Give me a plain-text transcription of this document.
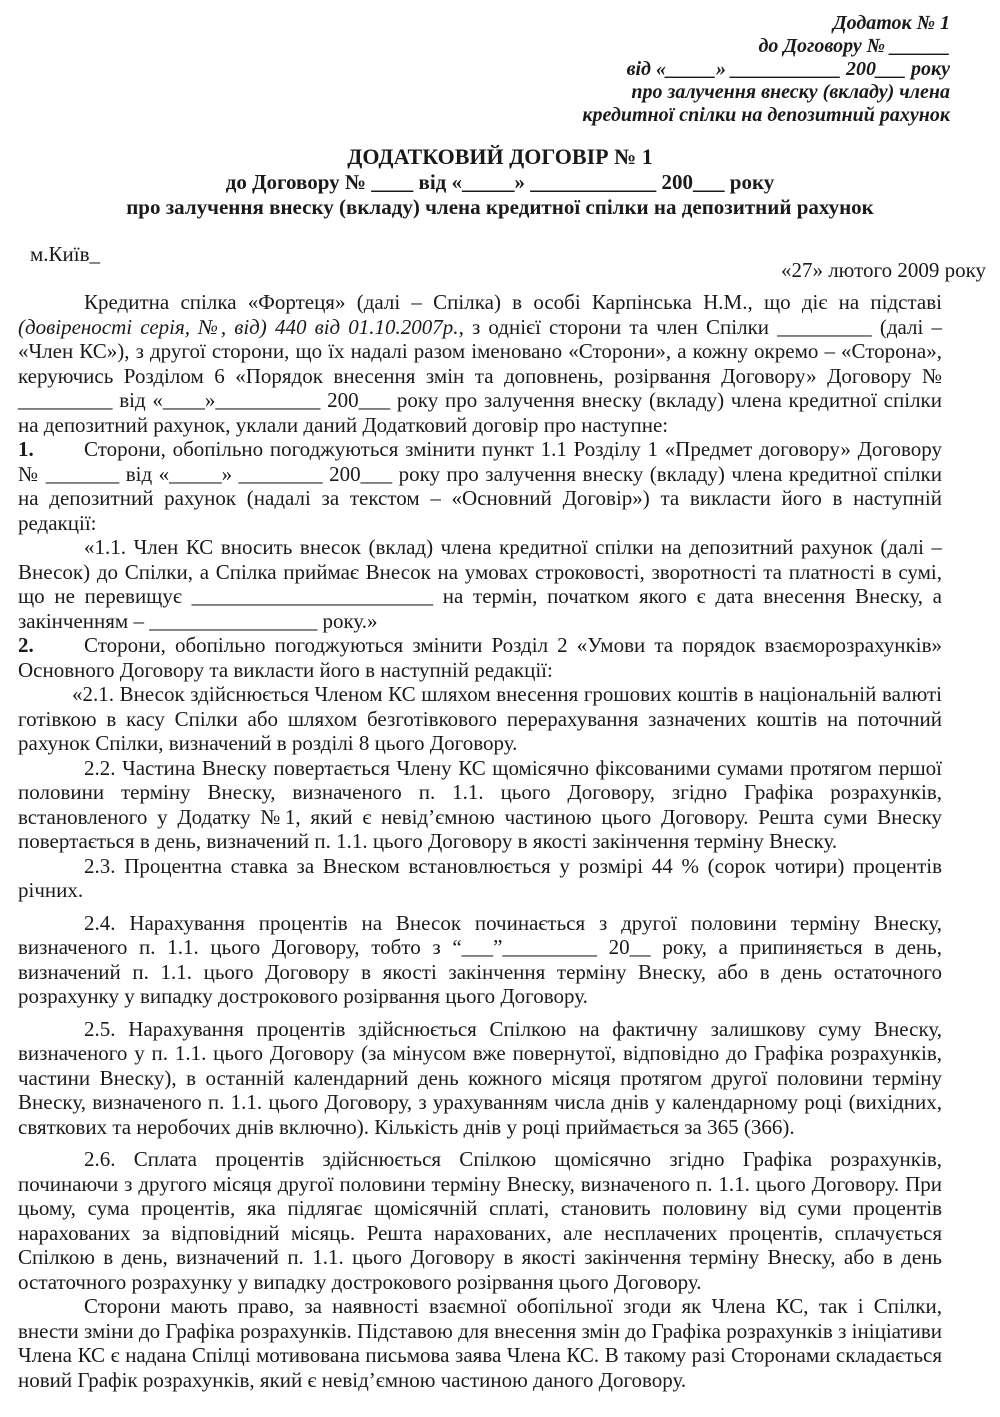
Додаток № 1
до Договору № ______
від «_____» ___________ 200___ року
про залучення внеску (вкладу) члена
кредитної спілки на депозитний рахунок
ДОДАТКОВИЙ ДОГОВІР № 1
до Договору № ____ від «_____» ____________ 200___ року
про залучення внеску (вкладу) члена кредитної спілки на депозитний рахунок
м.Київ_
«27» лютого 2009 року

Кредитна спілка «Фортеця» (далі – Спілка) в особі Карпінська Н.М., що діє на підставі (довіреності серія, №, від) 440 від 01.10.2007р., з однієї сторони та член Спілки _________ (далі – «Член КС»), з другої сторони, що їх надалі разом іменовано «Сторони», а кожну окремо – «Сторона», керуючись Розділом 6 «Порядок внесення змін та доповнень, розірвання Договору» Договору № _________ від «____»__________ 200___ року про залучення внеску (вкладу) члена кредитної спілки на депозитний рахунок, уклали даний Додатковий договір про наступне:

1. Сторони, обопільно погоджуються змінити пункт 1.1 Розділу 1 «Предмет договору» Договору № _______ від «_____» ________ 200___ року про залучення внеску (вкладу) члена кредитної спілки на депозитний рахунок (надалі за текстом – «Основний Договір») та викласти його в наступній редакції:

«1.1. Член КС вносить внесок (вклад) члена кредитної спілки на депозитний рахунок (далі – Внесок) до Спілки, а Спілка приймає Внесок на умовах строковості, зворотності та платності в сумі, що не перевищує _______________________ на термін, початком якого є дата внесення Внеску, а закінченням – ________________ року.»

2. Сторони, обопільно погоджуються змінити Розділ 2 «Умови та порядок взаєморозрахунків» Основного Договору та викласти його в наступній редакції:

«2.1. Внесок здійснюється Членом КС шляхом внесення грошових коштів в національній валюті готівкою в касу Спілки або шляхом безготівкового перерахування зазначених коштів на поточний рахунок Спілки, визначений в розділі 8 цього Договору.

2.2. Частина Внеску повертається Члену КС щомісячно фіксованими сумами протягом першої половини терміну Внеску, визначеного п. 1.1. цього Договору, згідно Графіка розрахунків, встановленого у Додатку №1, який є невід’ємною частиною цього Договору. Решта суми Внеску повертається в день, визначений п. 1.1. цього Договору в якості закінчення терміну Внеску.

2.3. Процентна ставка за Внеском встановлюється у розмірі 44 % (сорок чотири) процентів річних.

2.4. Нарахування процентів на Внесок починається з другої половини терміну Внеску, визначеного п. 1.1. цього Договору, тобто з “___”_________ 20__ року, а припиняється в день, визначений п. 1.1. цього Договору в якості закінчення терміну Внеску, або в день остаточного розрахунку у випадку дострокового розірвання цього Договору.

2.5. Нарахування процентів здійснюється Спілкою на фактичну залишкову суму Внеску, визначеного у п. 1.1. цього Договору (за мінусом вже повернутої, відповідно до Графіка розрахунків, частини Внеску), в останній календарний день кожного місяця протягом другої половини терміну Внеску, визначеного п. 1.1. цього Договору, з урахуванням числа днів у календарному році (вихідних, святкових та неробочих днів включно). Кількість днів у році приймається за 365 (366).

2.6. Сплата процентів здійснюється Спілкою щомісячно згідно Графіка розрахунків, починаючи з другого місяця другої половини терміну Внеску, визначеного п. 1.1. цього Договору. При цьому, сума процентів, яка підлягає щомісячній сплаті, становить половину від суми процентів нарахованих за відповідний місяць. Решта нарахованих, але несплачених процентів, сплачується Спілкою в день, визначений п. 1.1. цього Договору в якості закінчення терміну Внеску, або в день остаточного розрахунку у випадку дострокового розірвання цього Договору.

Сторони мають право, за наявності взаємної обопільної згоди як Члена КС, так і Спілки, внести зміни до Графіка розрахунків. Підставою для внесення змін до Графіка розрахунків з ініціативи Члена КС є надана Спілці мотивована письмова заява Члена КС. В такому разі Сторонами складається новий Графік розрахунків, який є невід’ємною частиною даного Договору.
